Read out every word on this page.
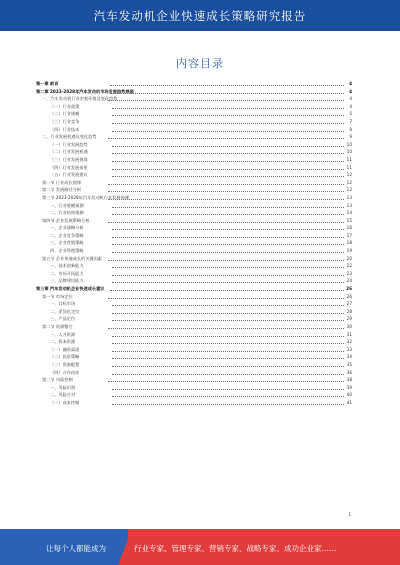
汽车发动机企业快速成长策略研究报告
内容目录
第一章 前言	4
第二章 2023-2028年汽车发动机市场发展趋势展望	4
一、汽车发动机行业宏观环境及变化趋势	4
（一）行业政策	4
（二）行业规模	5
（三）行业竞争	7
（四）行业技术	8
二、行业发展机遇及变化趋势	9
（一）行业发展趋势	10
（二）行业发展机遇	10
（三）行业发展挑战	11
（四）行业发展前景	11
（五）行业发展建议	12
第一节 行业成长规律	12
第二节 发展路径分析	12
第三节 2023-2028年汽车发动机行业发展预测	13
一、行业规模预测	13
二、行业结构预测	14
第四节 企业发展策略分析	15
一、企业战略分析	16
二、企业竞争策略	17
三、企业营销策略	18
四、企业管理策略	19
第五节 企业快速成长的关键因素	20
一、技术创新能力	22
二、市场开拓能力	23
三、品牌建设能力	24
第三章 汽车发动机企业快速成长建议	26
第一节 市场定位	26
一、目标市场	27
二、差异化定位	28
三、产品定位	29
第二节 资源整合	30
一、人才资源	31
二、资本资源	32
（一）融资渠道	33
（二）投资策略	34
（三）资源配置	35
（四）合作伙伴	36
第三节 风险控制	38
一、风险识别	39
二、风险应对	40
（一）成本控制	41
1
让每个人都能成为	行业专家、管理专家、营销专家、战略专家、成功企业家……
